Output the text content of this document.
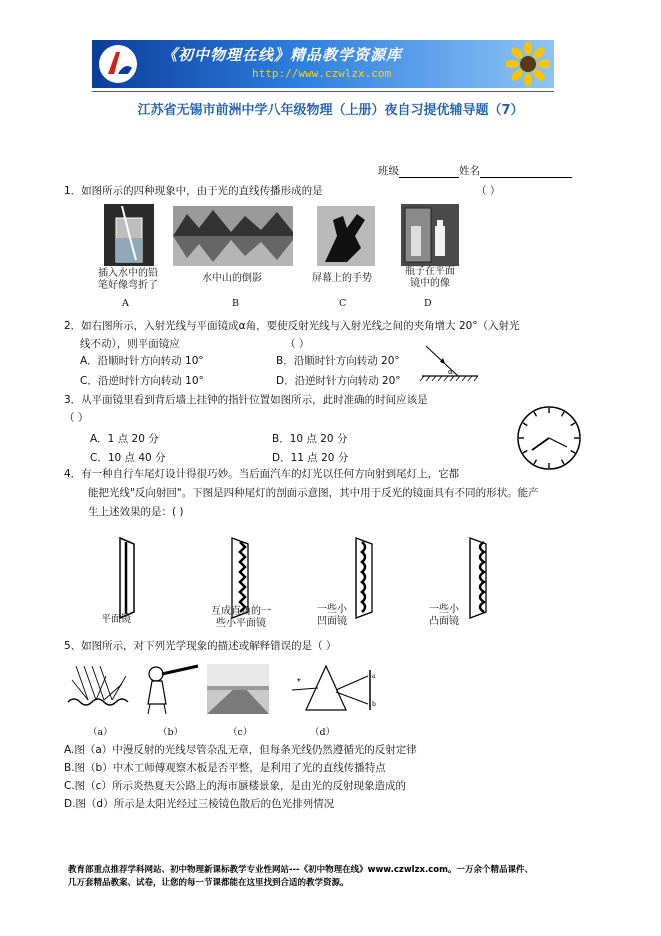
《初中物理在线》精品教学资源库
http://www.czwlzx.com
江苏省无锡市前洲中学八年级物理（上册）夜自习提优辅导题（7）
班级	姓名
1．如图所示的四种现象中，由于光的直线传播形成的是	（ ）
插入水中的铅
笔好像弯折了
水中山的倒影	屏幕上的手势
瓶子在平面
镜中的像
A	B	C	D
2．如右图所示，入射光线与平面镜成α角，要使反射光线与入射光线之间的夹角增大 20°（入射光
线不动），则平面镜应	（ ）
A．沿顺时针方向转动 10°	B．沿顺时针方向转动 20°
C．沿逆时针方向转动 10°	D．沿逆时针方向转动 20°
α
3．从平面镜里看到背后墙上挂钟的指针位置如图所示，此时准确的时间应该是
（ ）
A．1 点 20 分	B．10 点 20 分
C．10 点 40 分	D．11 点 20 分
4．有一种自行车尾灯设计得很巧妙。当后面汽车的灯光以任何方向射到尾灯上，它都
能把光线"反向射回"。下图是四种尾灯的剖面示意图，其中用于反光的镜面具有不同的形状。能产
生上述效果的是：( )
平面镜
互成直角的一
些小平面镜
一些小
凹面镜
一些小
凸面镜
5、如图所示，对下列光学现象的描述或解释错误的是（ ）
☀
a
b
（a）	（b）	（c）	（d）
A.图（a）中漫反射的光线尽管杂乱无章，但每条光线仍然遵循光的反射定律
B.图（b）中木工师傅观察木板是否平整，是利用了光的直线传播特点
C.图（c）所示炎热夏天公路上的海市蜃楼景象，是由光的反射现象造成的
D.图（d）所示是太阳光经过三棱镜色散后的色光排列情况
教育部重点推荐学科网站、初中物理新课标教学专业性网站---《初中物理在线》www.czwlzx.com。一万余个精品课件、
几万套精品教案、试卷，让您的每一节课都能在这里找到合适的教学资源。
